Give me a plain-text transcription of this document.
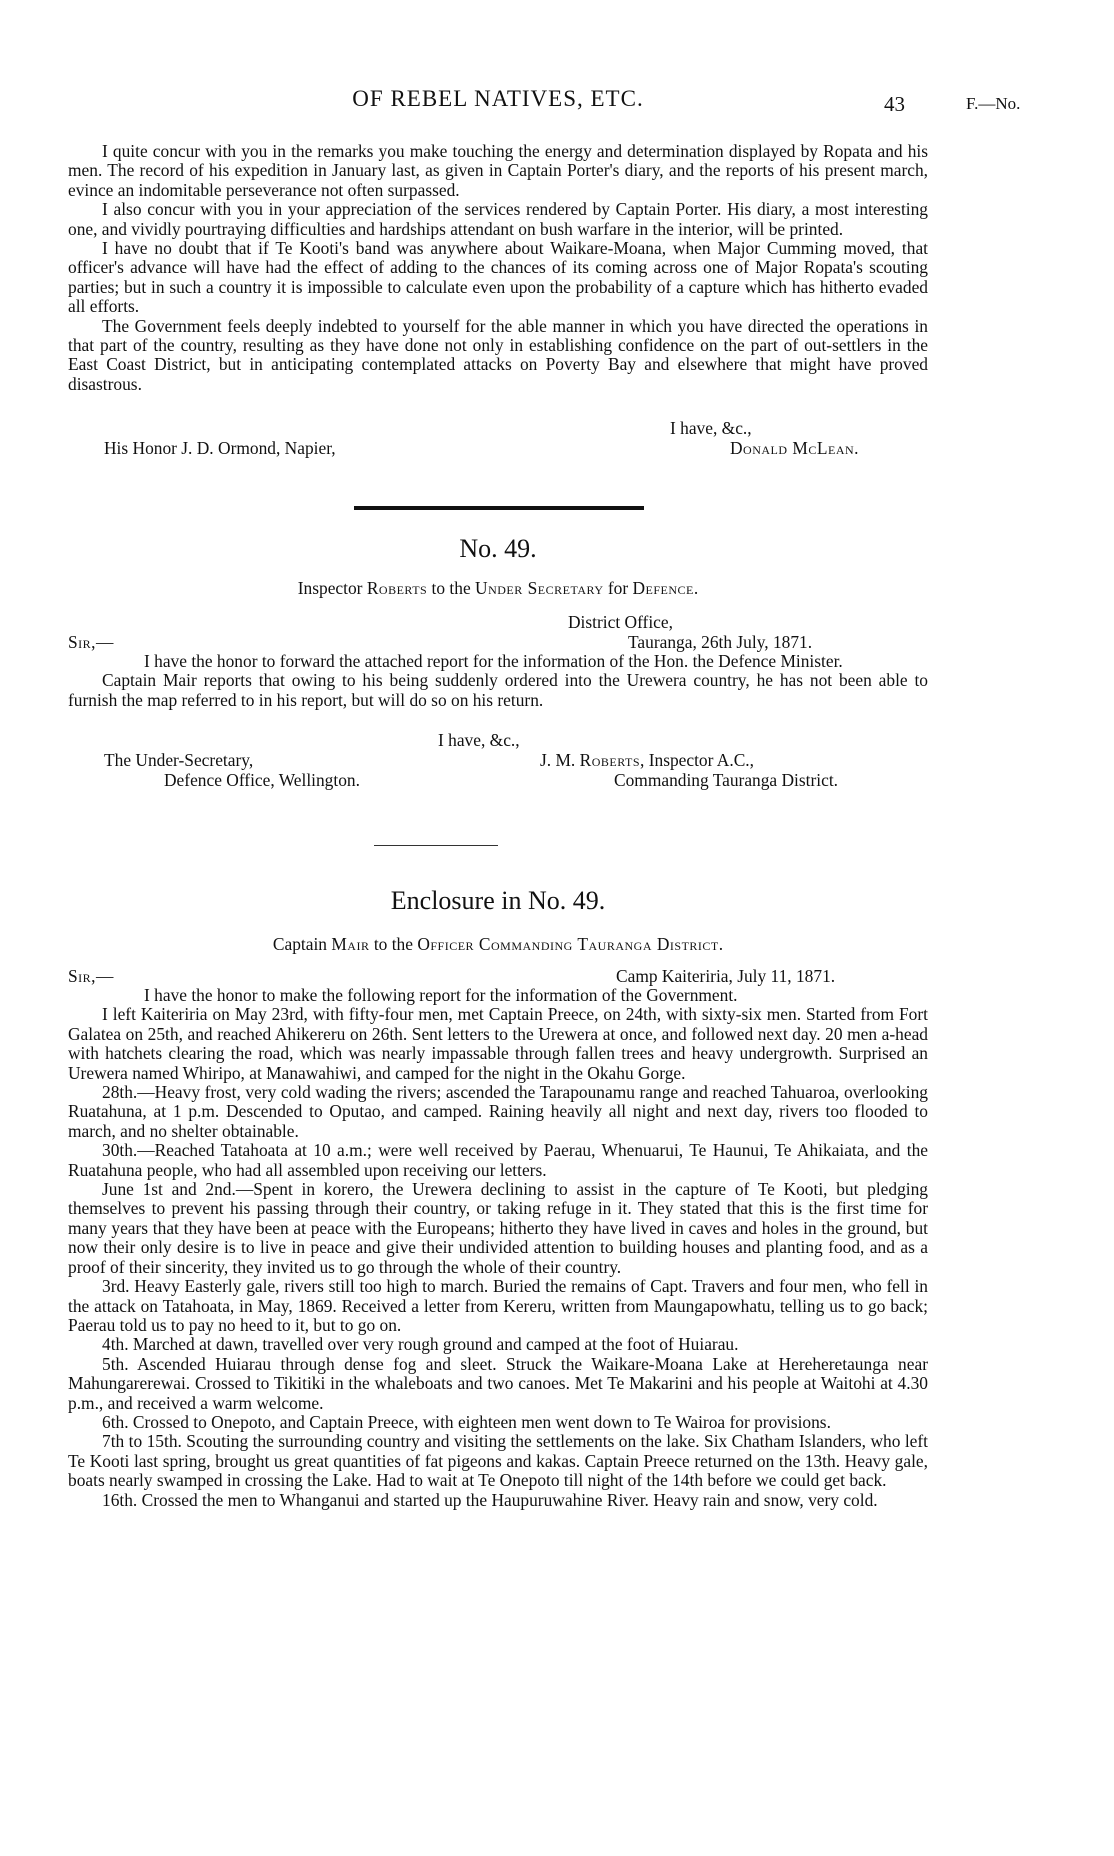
OF REBEL NATIVES, ETC.	43	F.—No.

I quite concur with you in the remarks you make touching the energy and determination displayed by Ropata and his men. The record of his expedition in January last, as given in Captain Porter's diary, and the reports of his present march, evince an indomitable perseverance not often surpassed.

I also concur with you in your appreciation of the services rendered by Captain Porter. His diary, a most interesting one, and vividly pourtraying difficulties and hardships attendant on bush warfare in the interior, will be printed.

I have no doubt that if Te Kooti's band was anywhere about Waikare-Moana, when Major Cumming moved, that officer's advance will have had the effect of adding to the chances of its coming across one of Major Ropata's scouting parties; but in such a country it is impossible to calculate even upon the probability of a capture which has hitherto evaded all efforts.

The Government feels deeply indebted to yourself for the able manner in which you have directed the operations in that part of the country, resulting as they have done not only in establishing confidence on the part of out-settlers in the East Coast District, but in anticipating contemplated attacks on Poverty Bay and elsewhere that might have proved disastrous.

I have, &c.,
His Honor J. D. Ormond, Napier,	Donald McLean.
No. 49.
Inspector Roberts to the Under Secretary for Defence.
District Office,
Sir,—	Tauranga, 26th July, 1871.

I have the honor to forward the attached report for the information of the Hon. the Defence Minister.

Captain Mair reports that owing to his being suddenly ordered into the Urewera country, he has not been able to furnish the map referred to in his report, but will do so on his return.

I have, &c.,
The Under-Secretary,	J. M. Roberts, Inspector A.C.,
Defence Office, Wellington.	Commanding Tauranga District.
Enclosure in No. 49.
Captain Mair to the Officer Commanding Tauranga District.
Sir,—	Camp Kaiteriria, July 11, 1871.

I have the honor to make the following report for the information of the Government.

I left Kaiteriria on May 23rd, with fifty-four men, met Captain Preece, on 24th, with sixty-six men. Started from Fort Galatea on 25th, and reached Ahikereru on 26th. Sent letters to the Urewera at once, and followed next day. 20 men a-head with hatchets clearing the road, which was nearly impassable through fallen trees and heavy undergrowth. Surprised an Urewera named Whiripo, at Manawahiwi, and camped for the night in the Okahu Gorge.

28th.—Heavy frost, very cold wading the rivers; ascended the Tarapounamu range and reached Tahuaroa, overlooking Ruatahuna, at 1 p.m. Descended to Oputao, and camped. Raining heavily all night and next day, rivers too flooded to march, and no shelter obtainable.

30th.—Reached Tatahoata at 10 a.m.; were well received by Paerau, Whenuarui, Te Haunui, Te Ahikaiata, and the Ruatahuna people, who had all assembled upon receiving our letters.

June 1st and 2nd.—Spent in korero, the Urewera declining to assist in the capture of Te Kooti, but pledging themselves to prevent his passing through their country, or taking refuge in it. They stated that this is the first time for many years that they have been at peace with the Europeans; hitherto they have lived in caves and holes in the ground, but now their only desire is to live in peace and give their undivided attention to building houses and planting food, and as a proof of their sincerity, they invited us to go through the whole of their country.

3rd. Heavy Easterly gale, rivers still too high to march. Buried the remains of Capt. Travers and four men, who fell in the attack on Tatahoata, in May, 1869. Received a letter from Kereru, written from Maungapowhatu, telling us to go back; Paerau told us to pay no heed to it, but to go on.

4th. Marched at dawn, travelled over very rough ground and camped at the foot of Huiarau.

5th. Ascended Huiarau through dense fog and sleet. Struck the Waikare-Moana Lake at Hereheretaunga near Mahungarerewai. Crossed to Tikitiki in the whaleboats and two canoes. Met Te Makarini and his people at Waitohi at 4.30 p.m., and received a warm welcome.

6th. Crossed to Onepoto, and Captain Preece, with eighteen men went down to Te Wairoa for provisions.

7th to 15th. Scouting the surrounding country and visiting the settlements on the lake. Six Chatham Islanders, who left Te Kooti last spring, brought us great quantities of fat pigeons and kakas. Captain Preece returned on the 13th. Heavy gale, boats nearly swamped in crossing the Lake. Had to wait at Te Onepoto till night of the 14th before we could get back.

16th. Crossed the men to Whanganui and started up the Haupuruwahine River. Heavy rain and snow, very cold.
